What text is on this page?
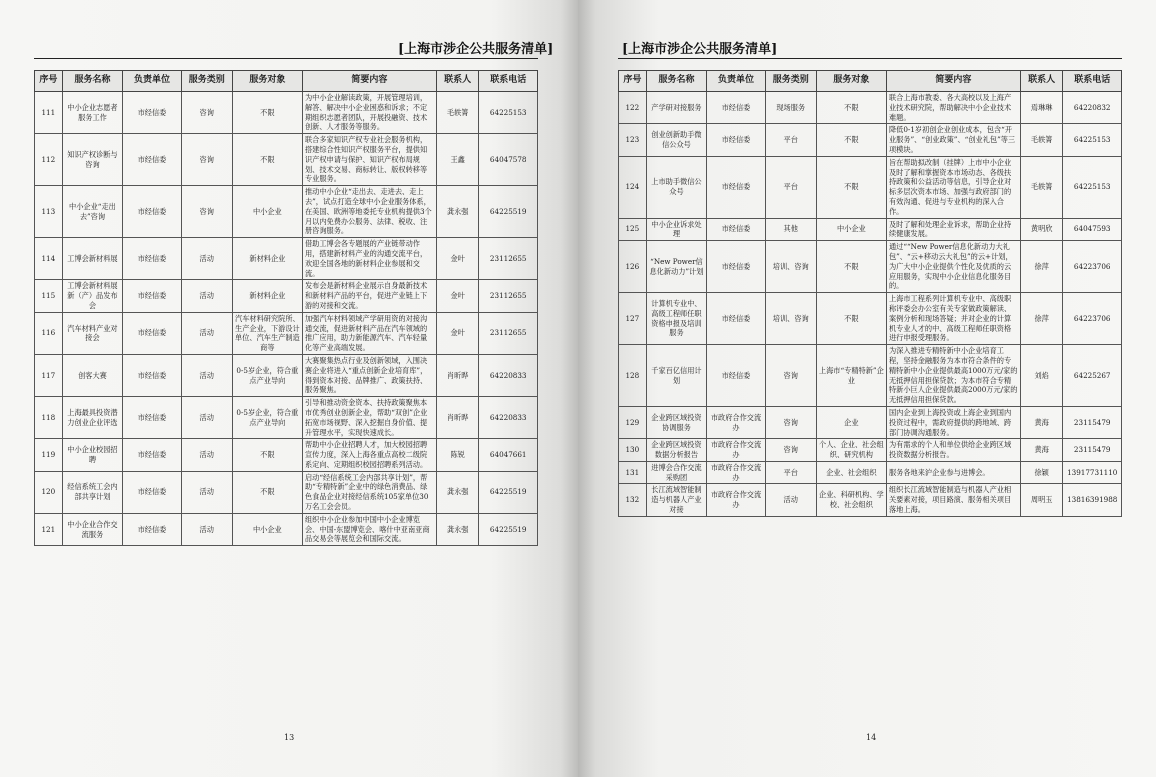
[上海市涉企公共服务清单]
序号	服务名称	负责单位	服务类别	服务对象	简要内容	联系人	联系电话
111	中小企业志愿者服务工作	市经信委	咨询	不限	为中小企业解读政策，开展管理培训，解答、解决中小企业困惑和诉求；不定期组织志愿者团队，开展投融资、技术创新、人才服务等服务。	毛轶箐	64225153
112	知识产权诊断与咨询	市经信委	咨询	不限	联合多家知识产权专业社会服务机构，搭建综合性知识产权服务平台，提供知识产权申请与保护、知识产权布局规划、技术交易、商标转让、版权转移等专业服务。	王鑫	64047578
113	中小企业“走出去”咨询	市经信委	咨询	中小企业	推动中小企业“走出去、走进去、走上去”，试点打造全球中小企业服务体系，在美国、欧洲等地委托专业机构提供3个月以内免费办公服务、法律、税收、注册咨询服务。	龚永强	64225519
114	工博会新材料展	市经信委	活动	新材料企业	借助工博会各专题展的产业链带动作用，搭建新材料产业的沟通交流平台，欢迎全国各地的新材料企业参展和交流。	金叶	23112655
115	工博会新材料展新（产）品发布会	市经信委	活动	新材料企业	发布会是新材料企业展示自身最新技术和新材料产品的平台，促进产业链上下游的对接和交流。	金叶	23112655
116	汽车材料产业对接会	市经信委	活动	汽车材料研究院所、生产企业，下游设计单位、汽车生产制造商等	加强汽车材料领域产学研用资的对接沟通交流，促进新材料产品在汽车领域的推广应用，助力新能源汽车、汽车轻量化等产业高端发展。	金叶	23112655
117	创客大赛	市经信委	活动	0-5岁企业，符合重点产业导向	大赛聚集热点行业及创新领域，入围决赛企业将进入“重点创新企业培育库”，得到资本对接、品牌推广、政策扶持、服务聚焦。	肖昕晔	64220833
118	上海最具投资潜力创业企业评选	市经信委	活动	0-5岁企业，符合重点产业导向	引导和推动资金资本、扶持政策聚焦本市优秀创业创新企业，帮助“双创”企业拓宽市场视野、深入挖掘自身价值、提升管理水平，实现快速成长。	肖昕晔	64220833
119	中小企业校园招聘	市经信委	活动	不限	帮助中小企业招聘人才，加大校园招聘宣传力度，深入上海各重点高校二级院系定向、定期组织校园招聘系列活动。	陈锐	64047661
120	经信系统工会内部共享计划	市经信委	活动	不限	启动“经信系统工会内部共享计划”，帮助“专精特新”企业中的绿色消费品、绿色食品企业对接经信系统105家单位30万名工会会员。	龚永强	64225519
121	中小企业合作交流服务	市经信委	活动	中小企业	组织中小企业参加中国中小企业博览会、中国-东盟博览会、喀什中亚南亚商品交易会等展览会和国际交流。	龚永强	64225519
13
[上海市涉企公共服务清单]
序号	服务名称	负责单位	服务类别	服务对象	简要内容	联系人	联系电话
122	产学研对接服务	市经信委	现场服务	不限	联合上海市教委、各大高校以及上海产业技术研究院，帮助解决中小企业技术难题。	焉琳琳	64220832
123	创业创新助手微信公众号	市经信委	平台	不限	降低0-1岁初创企业创业成本，包含“开业服务”、“创业政策”、“创业礼包”等三项模块。	毛轶箐	64225153
124	上市助手微信公众号	市经信委	平台	不限	旨在帮助拟改制（挂牌）上市中小企业及时了解和掌握资本市场动态、各级扶持政策和公益活动等信息，引导企业对标多层次资本市场、加强与政府部门的有效沟通、促进与专业机构的深入合作。	毛轶箐	64225153
125	中小企业诉求处理	市经信委	其他	中小企业	及时了解和处理企业诉求，帮助企业持续健康发展。	黄明欣	64047593
126	“New Power信息化新动力”计划	市经信委	培训、咨询	不限	通过““New Power信息化新动力大礼包”、“云+移动云大礼包”的云+计划，为广大中小企业提供个性化及优质的云应用服务，实现中小企业信息化服务目的。	徐萍	64223706
127	计算机专业中、高级工程师任职资格申报及培训服务	市经信委	培训、咨询	不限	上海市工程系列计算机专业中、高级职称评委会办公室有关专家做政策解读、案例分析和现场答疑；并对企业的计算机专业人才的中、高级工程师任职资格进行申报受理服务。	徐萍	64223706
128	千家百亿信用计划	市经信委	咨询	上海市“专精特新”企业	为深入推进专精特新中小企业培育工程，坚持金融服务为本市符合条件的专精特新中小企业提供最高1000万元/家的无抵押信用担保贷款；为本市符合专精特新小巨人企业提供最高2000万元/家的无抵押信用担保贷款。	刘焰	64225267
129	企业跨区域投资协调服务	市政府合作交流办	咨询	企业	国内企业到上海投资或上海企业到国内投资过程中，需政府提供的跨地域、跨部门协调沟通服务。	黄海	23115479
130	企业跨区域投资数据分析报告	市政府合作交流办	咨询	个人、企业、社会组织、研究机构	为有需求的个人和单位供给企业跨区域投资数据分析报告。	黄海	23115479
131	进博会合作交流采购团	市政府合作交流办	平台	企业、社会组织	服务各地来沪企业参与进博会。	徐颖	13917731110
132	长江流域智能制造与机器人产业对接	市政府合作交流办	活动	企业、科研机构、学校、社会组织	组织长江流域智能制造与机器人产业相关要素对接，项目路演、服务相关项目落地上海。	周明玉	13816391988
14
